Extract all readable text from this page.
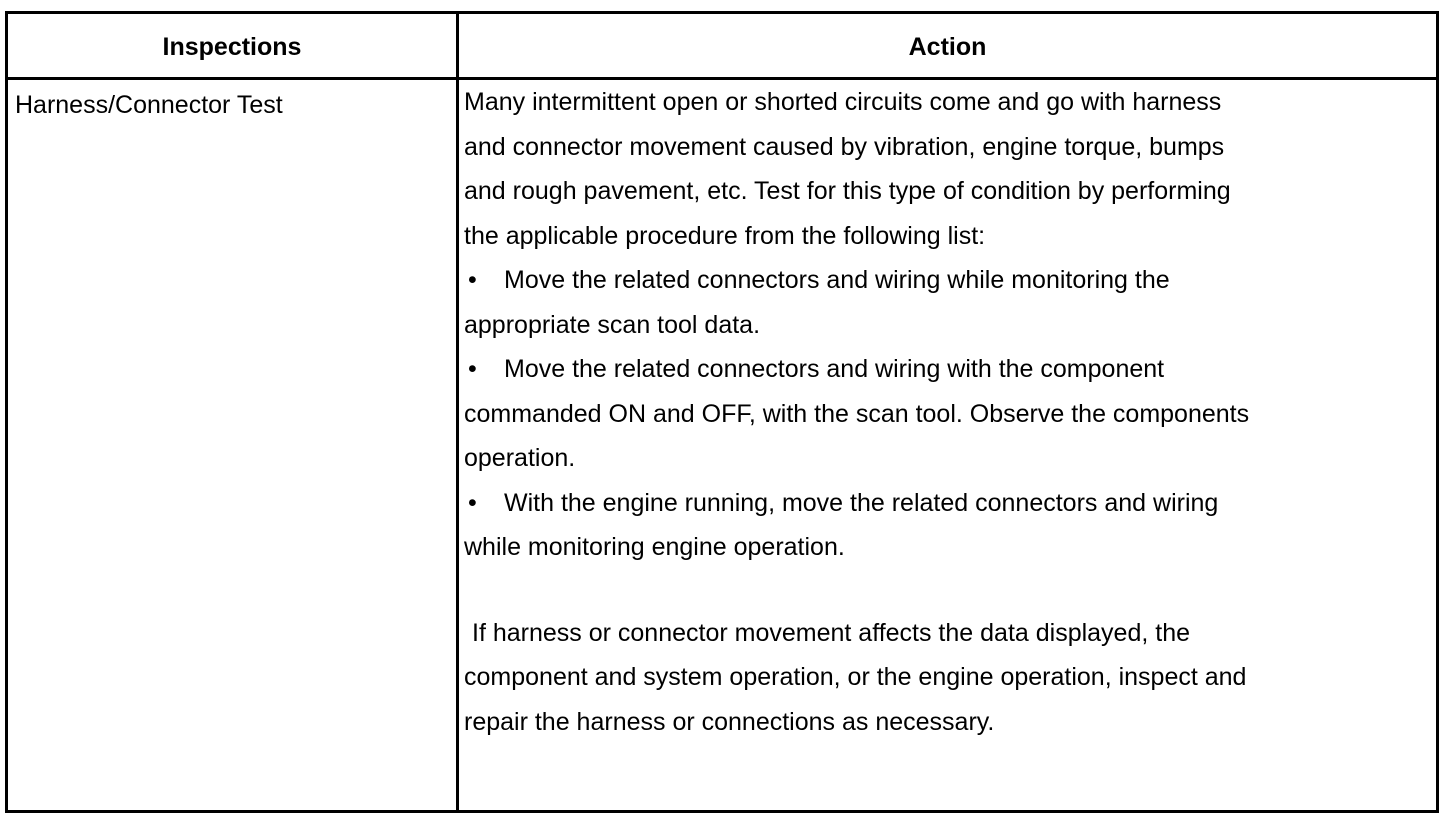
Inspections	Action
Harness/Connector Test	Many intermittent open or shorted circuits come and go with harness

and connector movement caused by vibration, engine torque, bumps

and rough pavement, etc. Test for this type of condition by performing

the applicable procedure from the following list:

• Move the related connectors and wiring while monitoring the

appropriate scan tool data.

• Move the related connectors and wiring with the component

commanded ON and OFF, with the scan tool. Observe the components

operation.

• With the engine running, move the related connectors and wiring

while monitoring engine operation.

If harness or connector movement affects the data displayed, the

component and system operation, or the engine operation, inspect and

repair the harness or connections as necessary.
